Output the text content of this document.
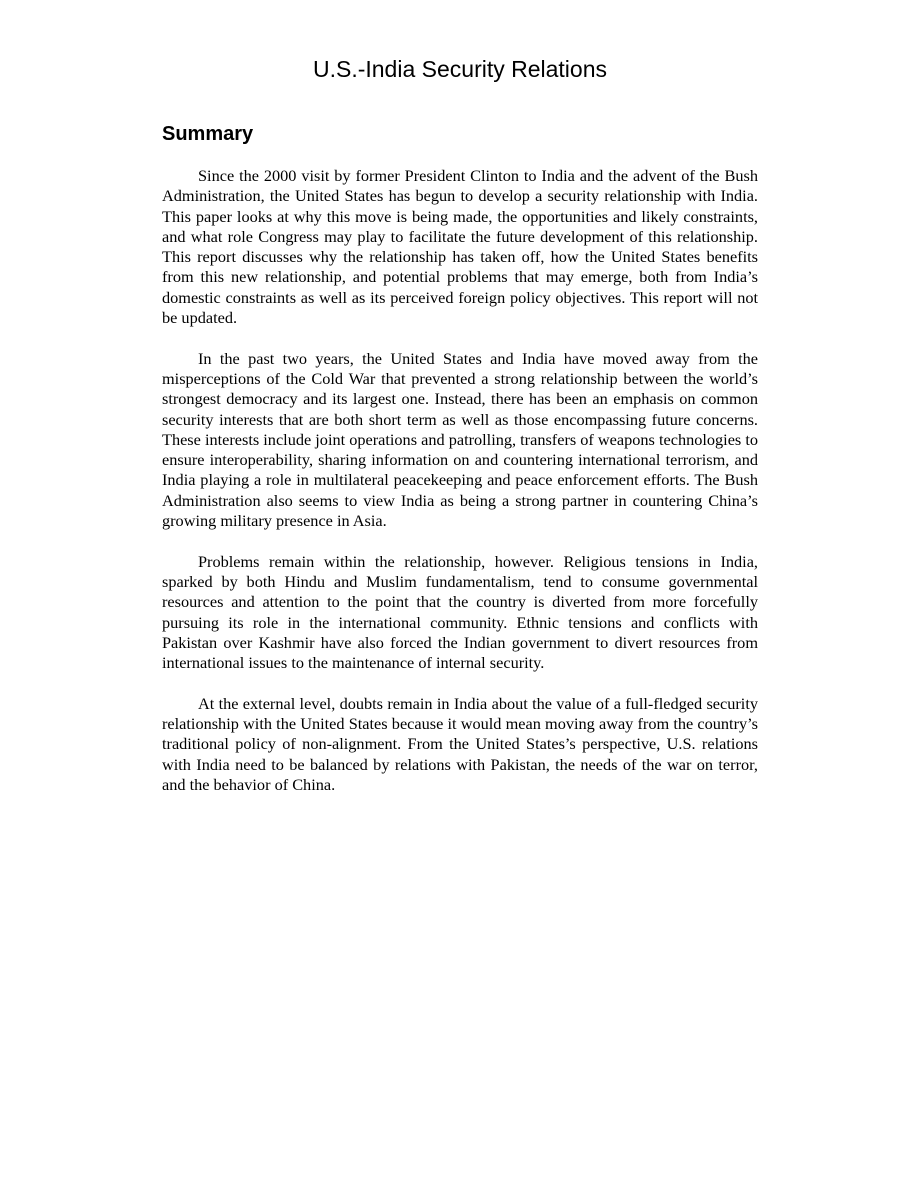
U.S.-India Security Relations
Summary

Since the 2000 visit by former President Clinton to India and the advent of the Bush Administration, the United States has begun to develop a security relationship with India. This paper looks at why this move is being made, the opportunities and likely constraints, and what role Congress may play to facilitate the future development of this relationship. This report discusses why the relationship has taken off, how the United States benefits from this new relationship, and potential problems that may emerge, both from India’s domestic constraints as well as its perceived foreign policy objectives. This report will not be updated.

In the past two years, the United States and India have moved away from the misperceptions of the Cold War that prevented a strong relationship between the world’s strongest democracy and its largest one. Instead, there has been an emphasis on common security interests that are both short term as well as those encompassing future concerns. These interests include joint operations and patrolling, transfers of weapons technologies to ensure interoperability, sharing information on and countering international terrorism, and India playing a role in multilateral peacekeeping and peace enforcement efforts. The Bush Administration also seems to view India as being a strong partner in countering China’s growing military presence in Asia.

Problems remain within the relationship, however. Religious tensions in India, sparked by both Hindu and Muslim fundamentalism, tend to consume governmental resources and attention to the point that the country is diverted from more forcefully pursuing its role in the international community. Ethnic tensions and conflicts with Pakistan over Kashmir have also forced the Indian government to divert resources from international issues to the maintenance of internal security.

At the external level, doubts remain in India about the value of a full-fledged security relationship with the United States because it would mean moving away from the country’s traditional policy of non-alignment. From the United States’s perspective, U.S. relations with India need to be balanced by relations with Pakistan, the needs of the war on terror, and the behavior of China.
